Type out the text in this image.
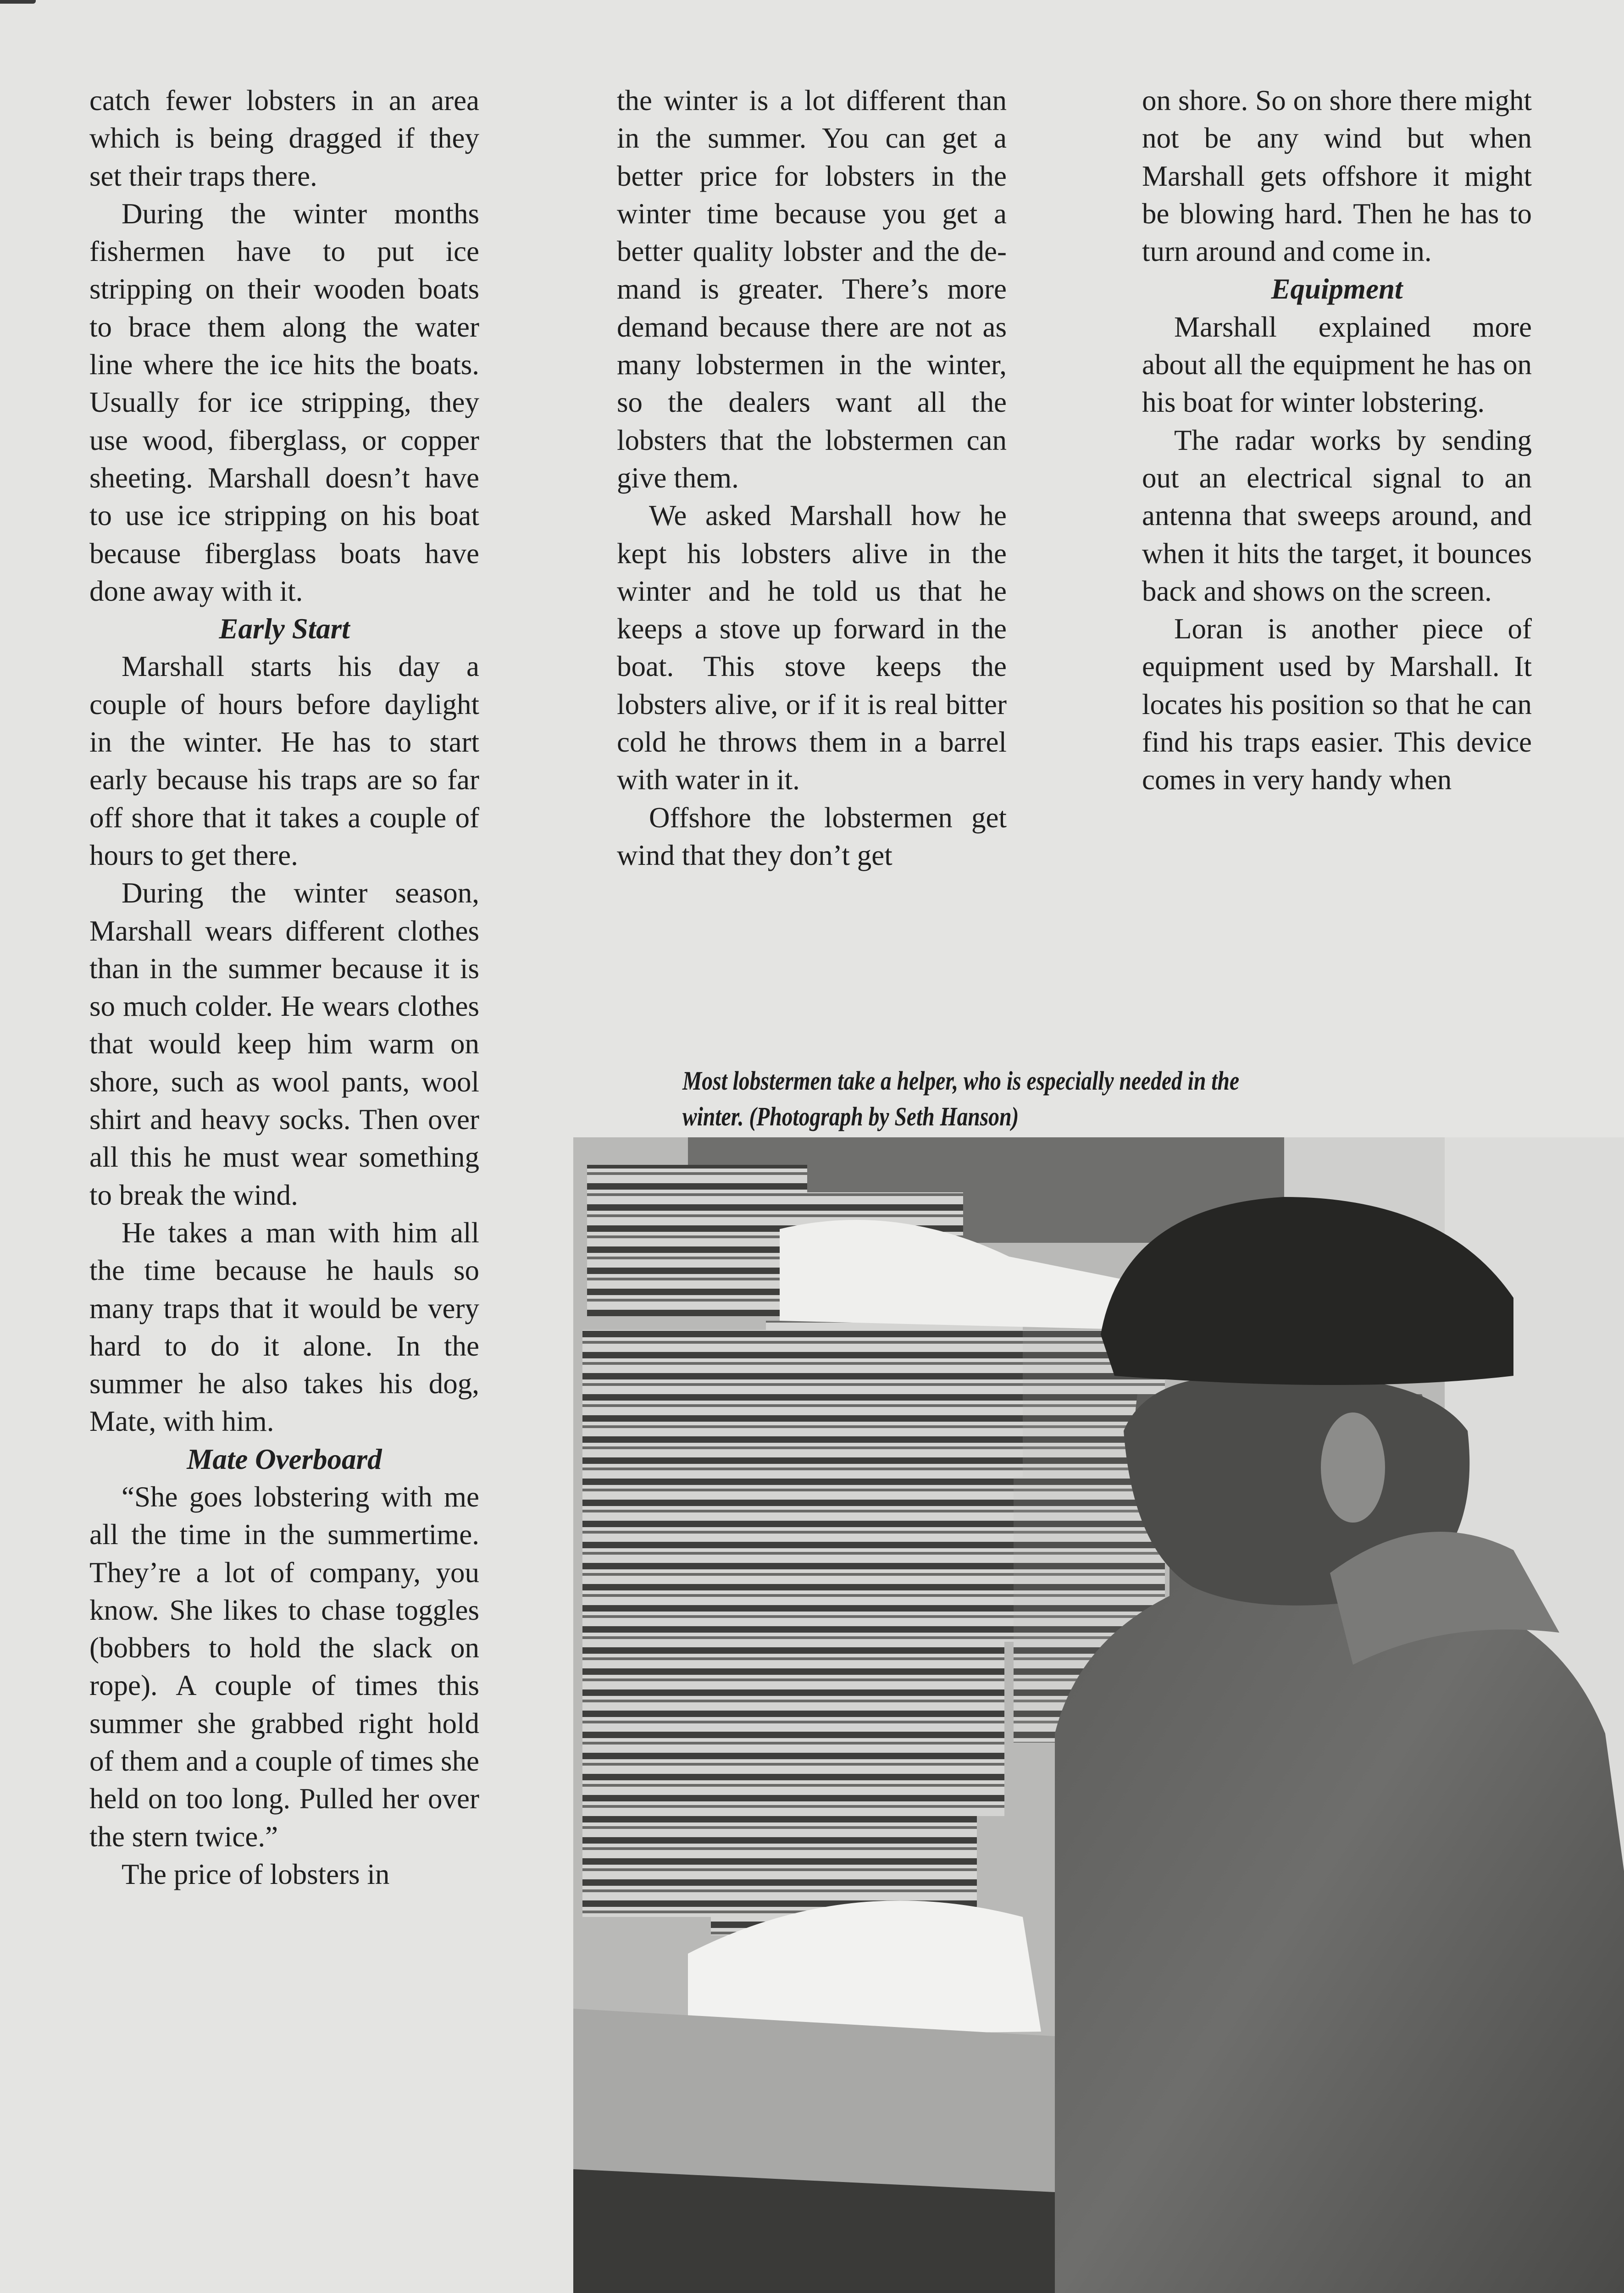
catch fewer lobsters in an area which is being dragged if they set their traps there.

During the winter months fishermen have to put ice stripping on their wooden boats to brace them along the water line where the ice hits the boats. Usually for ice stripping, they use wood, fiberglass, or copper sheeting. Marshall doesn’t have to use ice stripping on his boat because fiberglass boats have done away with it.

Early Start

Marshall starts his day a couple of hours before daylight in the winter. He has to start early because his traps are so far off shore that it takes a couple of hours to get there.

During the winter season, Marshall wears different clothes than in the summer because it is so much colder. He wears clothes that would keep him warm on shore, such as wool pants, wool shirt and heavy socks. Then over all this he must wear something to break the wind.

He takes a man with him all the time because he hauls so many traps that it would be very hard to do it alone. In the summer he also takes his dog, Mate, with him.

Mate Overboard

“She goes lobstering with me all the time in the summertime. They’re a lot of company, you know. She likes to chase toggles (bobbers to hold the slack on rope). A couple of times this summer she grabbed right hold of them and a couple of times she held on too long. Pulled her over the stern twice.”

The price of lobsters in

the winter is a lot different than in the summer. You can get a better price for lobsters in the winter time because you get a better quality lobster and the demand is greater. There’s more demand because there are not as many lobstermen in the winter, so the dealers want all the lobsters that the lobstermen can give them.

We asked Marshall how he kept his lobsters alive in the winter and he told us that he keeps a stove up forward in the boat. This stove keeps the lobsters alive, or if it is real bitter cold he throws them in a barrel with water in it.

Offshore the lobstermen get wind that they don’t get

on shore. So on shore there might not be any wind but when Marshall gets offshore it might be blowing hard. Then he has to turn around and come in.

Equipment

Marshall explained more about all the equipment he has on his boat for winter lobstering.

The radar works by sending out an electrical signal to an antenna that sweeps around, and when it hits the target, it bounces back and shows on the screen.

Loran is another piece of equipment used by Marshall. It locates his position so that he can find his traps easier. This device comes in very handy when

Most lobstermen take a helper, who is especially needed in the
winter. (Photograph by Seth Hanson)
